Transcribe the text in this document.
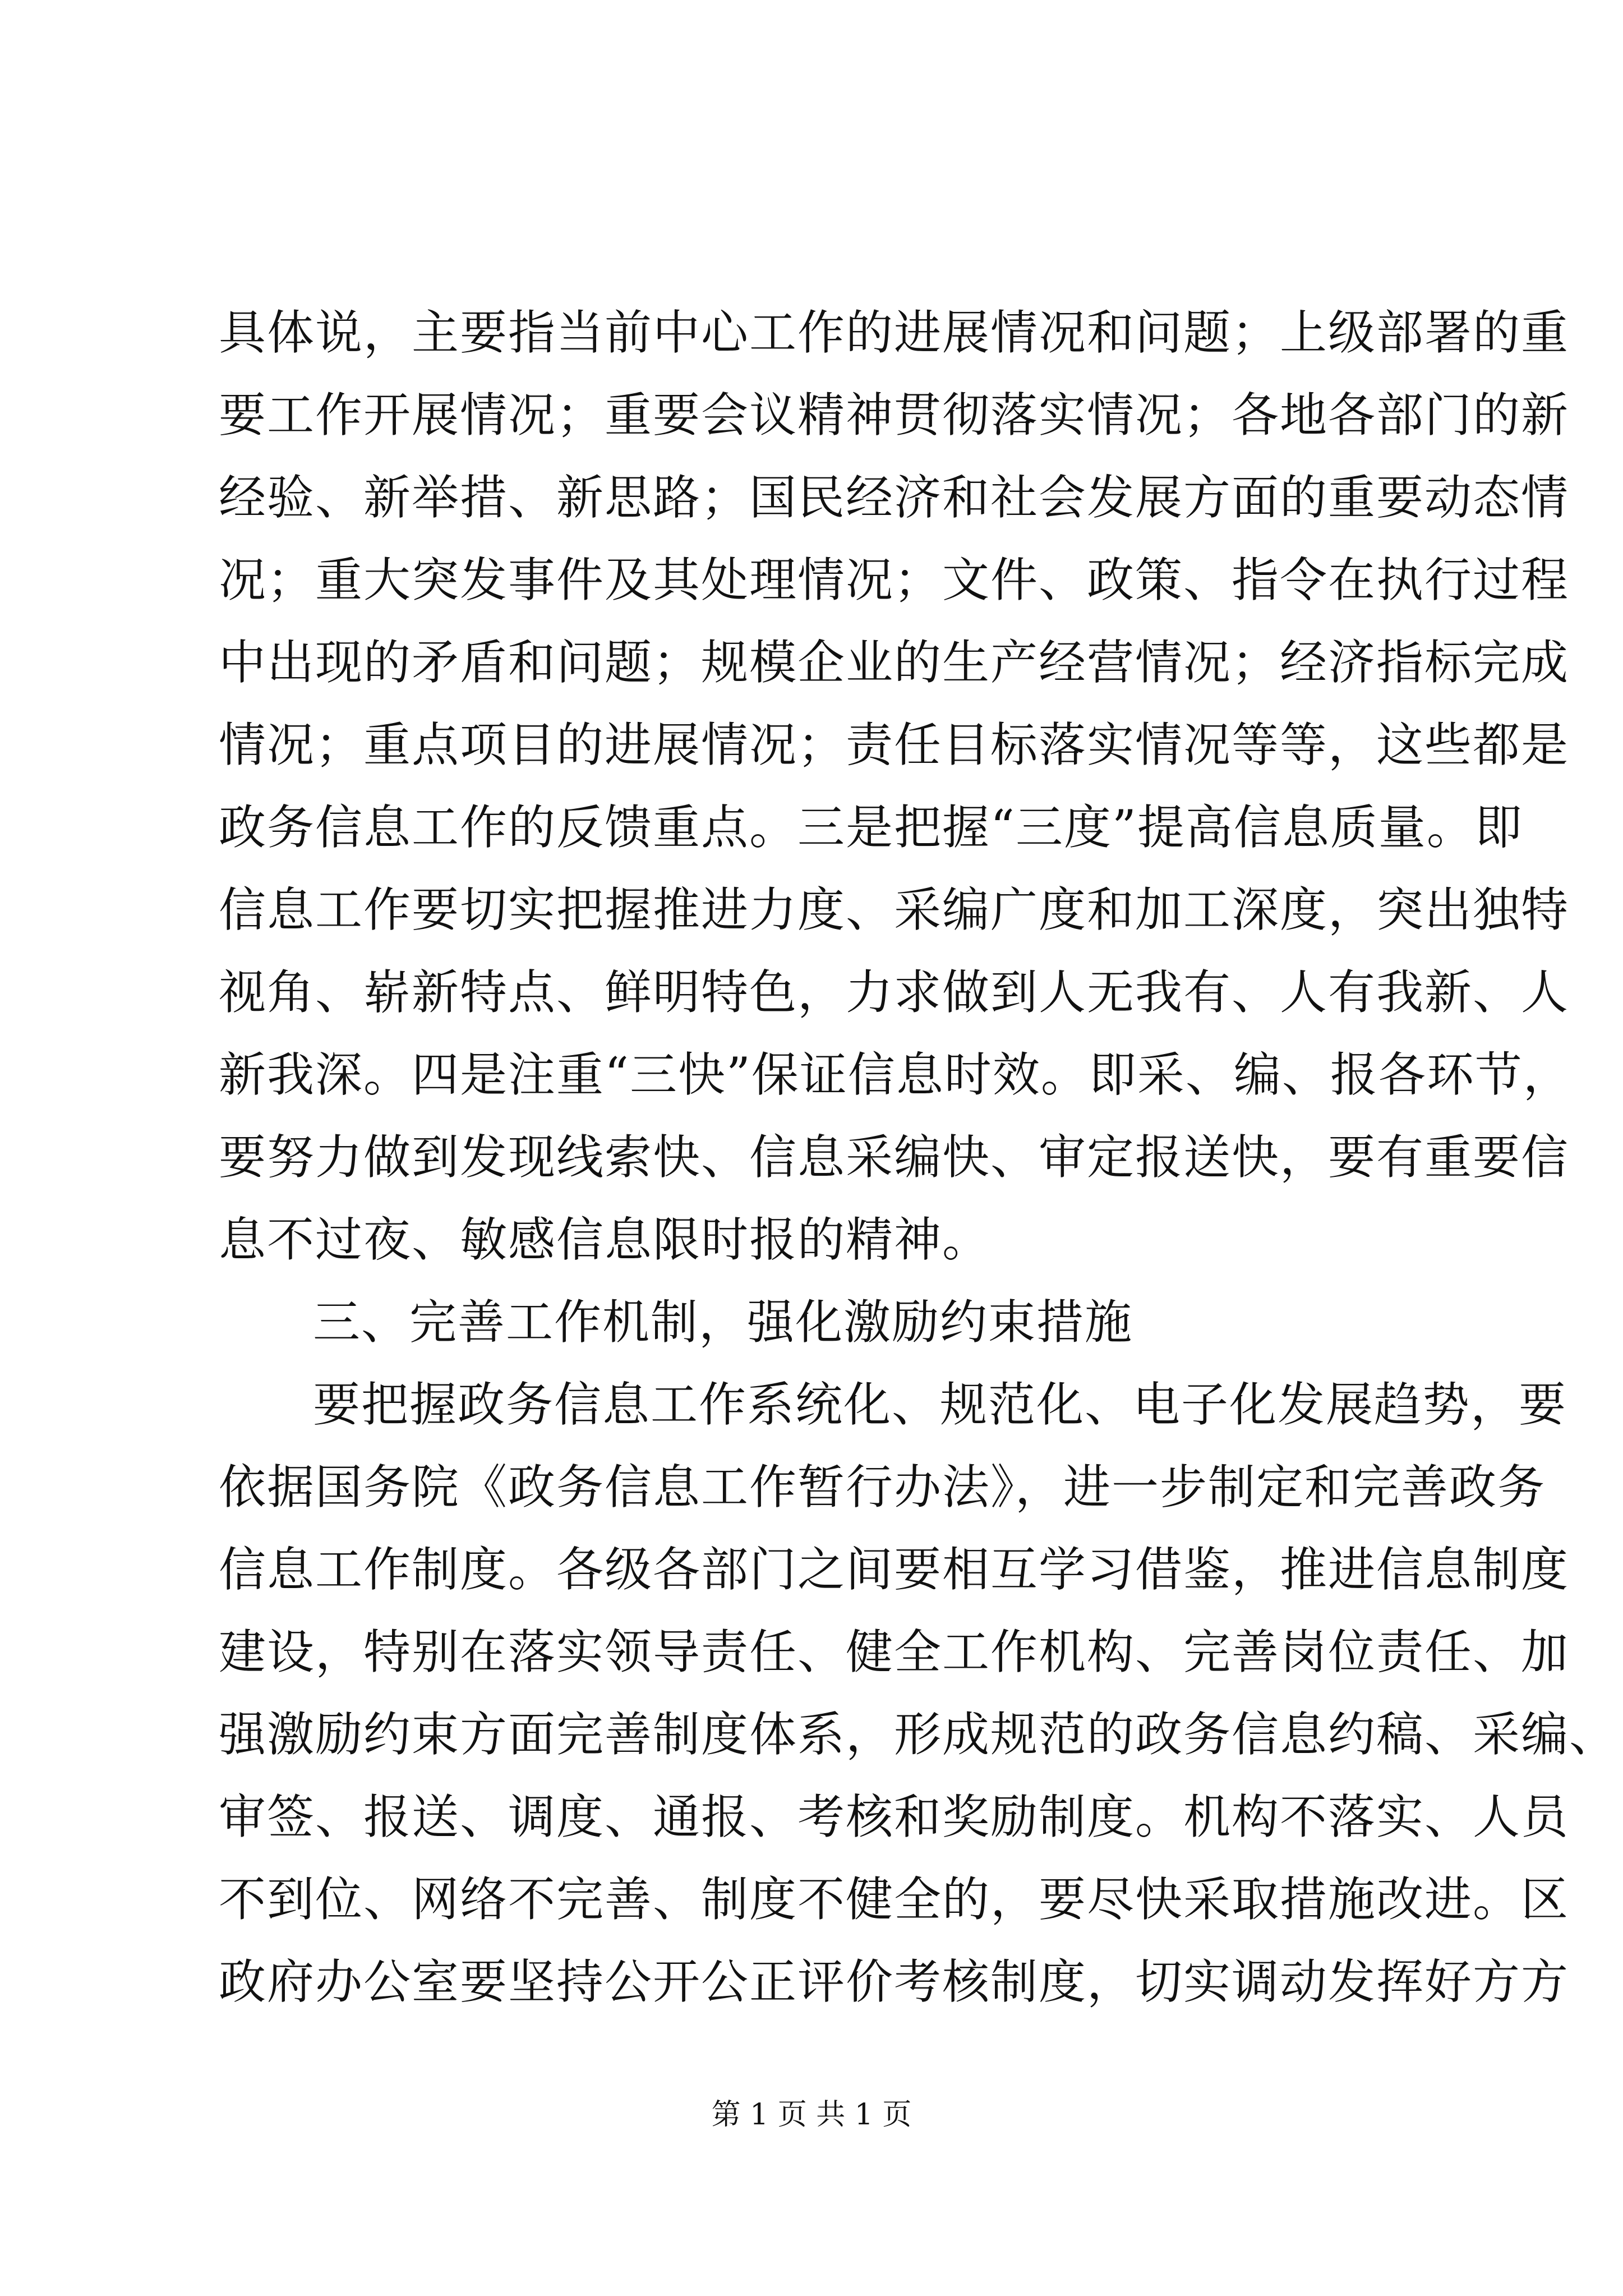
具体说，主要指当前中心工作的进展情况和问题；上级部署的重
要工作开展情况；重要会议精神贯彻落实情况；各地各部门的新
经验、新举措、新思路；国民经济和社会发展方面的重要动态情
况；重大突发事件及其处理情况；文件、政策、指令在执行过程
中出现的矛盾和问题；规模企业的生产经营情况；经济指标完成
情况；重点项目的进展情况；责任目标落实情况等等，这些都是
政务信息工作的反馈重点。三是把握“三度”提高信息质量。即
信息工作要切实把握推进力度、采编广度和加工深度，突出独特
视角、崭新特点、鲜明特色，力求做到人无我有、人有我新、人
新我深。四是注重“三快”保证信息时效。即采、编、报各环节，
要努力做到发现线索快、信息采编快、审定报送快，要有重要信
息不过夜、敏感信息限时报的精神。
三、完善工作机制，强化激励约束措施
要把握政务信息工作系统化、规范化、电子化发展趋势，要
依据国务院《政务信息工作暂行办法》，进一步制定和完善政务
信息工作制度。各级各部门之间要相互学习借鉴，推进信息制度
建设，特别在落实领导责任、健全工作机构、完善岗位责任、加
强激励约束方面完善制度体系，形成规范的政务信息约稿、采编、
审签、报送、调度、通报、考核和奖励制度。机构不落实、人员
不到位、网络不完善、制度不健全的，要尽快采取措施改进。区
政府办公室要坚持公开公正评价考核制度，切实调动发挥好方方
第 1 页 共 1 页
